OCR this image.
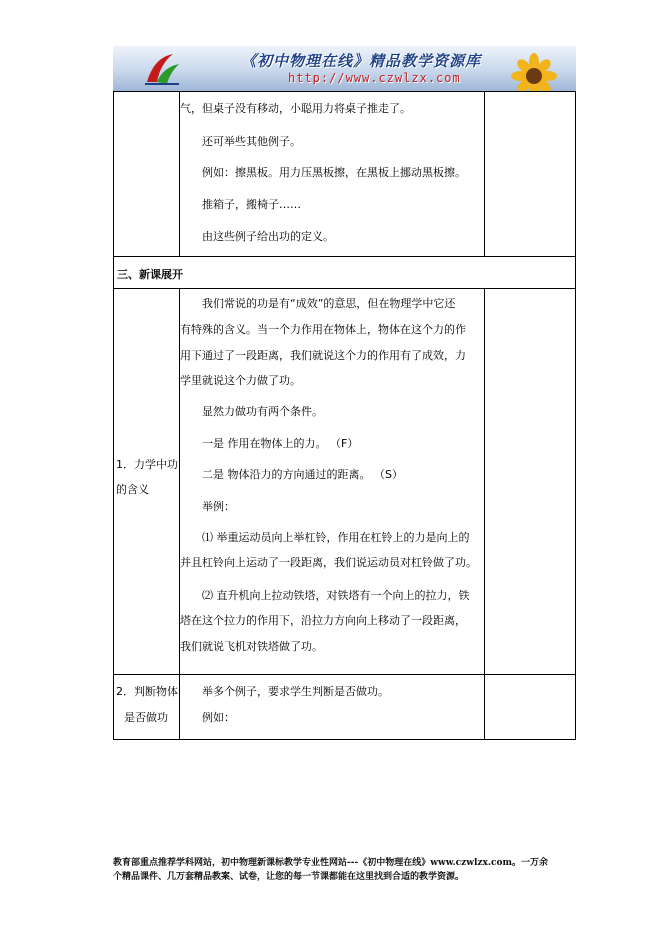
《初中物理在线》精品教学资源库
http://www.czwlzx.com
气，但桌子没有移动，小聪用力将桌子推走了。
还可举些其他例子。
例如：擦黑板。用力压黑板擦，在黑板上挪动黑板擦。
推箱子，搬椅子……
由这些例子给出功的定义。
三、新课展开
1．力学中功
的含义
我们常说的功是有“成效”的意思，但在物理学中它还
有特殊的含义。当一个力作用在物体上，物体在这个力的作
用下通过了一段距离，我们就说这个力的作用有了成效，力
学里就说这个力做了功。
显然力做功有两个条件。
一是 作用在物体上的力。 （F）
二是 物体沿力的方向通过的距离。 （S）
举例：
⑴ 举重运动员向上举杠铃，作用在杠铃上的力是向上的
并且杠铃向上运动了一段距离，我们说运动员对杠铃做了功。
⑵ 直升机向上拉动铁塔，对铁塔有一个向上的拉力，铁
塔在这个拉力的作用下，沿拉力方向向上移动了一段距离，
我们就说飞机对铁塔做了功。
2．判断物体
是否做功
举多个例子，要求学生判断是否做功。
例如：
教育部重点推荐学科网站，初中物理新课标教学专业性网站---《初中物理在线》www.czwlzx.com。一万余
个精品课件、几万套精品教案、试卷，让您的每一节课都能在这里找到合适的教学资源。
